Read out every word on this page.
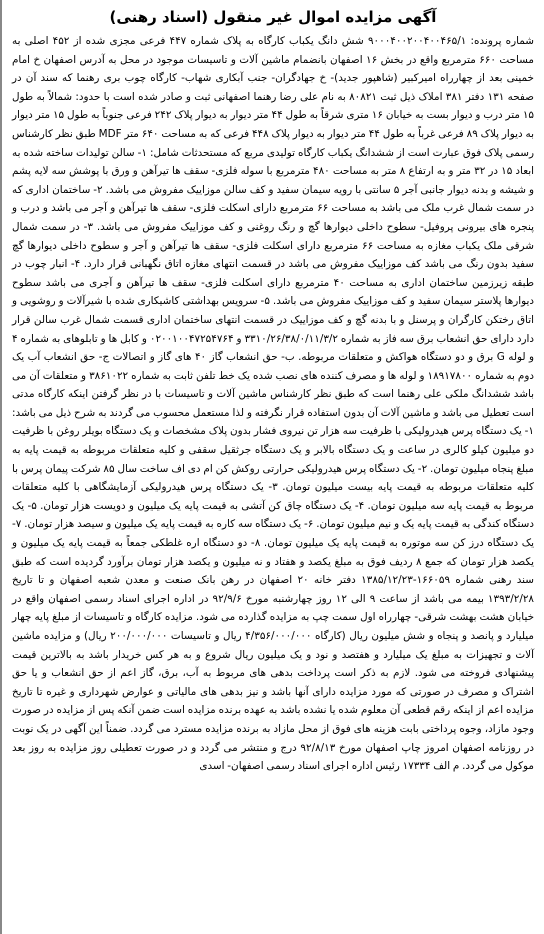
آگهی مزایده اموال غیر منقول (اسناد رهنی)

شماره پرونده: ۹۰۰۰۴۰۰۲۰۰۴۰۰۴۶۵/۱ شش دانگ یکباب کارگاه به پلاک شماره ۴۴۷ فرعی مجزی شده از ۴۵۲ اصلی به مساحت ۶۶۰ مترمربع واقع در بخش ۱۶ اصفهان بانضمام ماشین آلات و تاسیسات موجود در محل به آدرس اصفهان خ امام خمینی بعد از چهارراه امیرکبیر (شاهپور جدید)- خ جهادگران- جنب آبکاری شهاب- کارگاه چوب بری رهنما که سند آن در صفحه ۱۳۱ دفتر ۳۸۱ املاک ذیل ثبت ۸۰۸۲۱ به نام علی رضا رهنما اصفهانی ثبت و صادر شده است با حدود: شمالاً به طول ۱۵ متر درب و دیوار بست به خیابان ۱۶ متری شرقاً به طول ۴۴ متر دیوار به دیوار پلاک ۲۴۲ فرعی جنوباً به طول ۱۵ متر دیوار به دیوار پلاک ۸۹ فرعی غرباً به طول ۴۴ متر دیوار به دیوار پلاک ۴۴۸ فرعی که به مساحت ۶۴۰ متر MDF طبق نظر کارشناس رسمی پلاک فوق عبارت است از ششدانگ یکباب کارگاه تولیدی مربع که مستحدثات شامل: ۱- سالن تولیدات ساخته شده به ابعاد ۱۵ در ۳۲ متر و به ارتفاع ۸ متر به مساحت ۴۸۰ مترمربع با سوله فلزی- سقف ها تیرآهن و ورق با پوشش سه لایه پشم و شیشه و بدنه دیوار جانبی آجر ۵ سانتی با رویه سیمان سفید و کف سالن موزاییک مفروش می باشد. ۲- ساختمان اداری که در سمت شمال غرب ملک می باشد به مساحت ۶۶ مترمربع دارای اسکلت فلزی- سقف ها تیرآهن و آجر می باشد و درب و پنجره های بیرونی پروفیل- سطوح داخلی دیوارها گچ و رنگ روغنی و کف موزاییک مفروش می باشد. ۳- در سمت شمال شرقی ملک یکباب مغازه به مساحت ۶۶ مترمربع دارای اسکلت فلزی- سقف ها تیرآهن و آجر و سطوح داخلی دیوارها گچ سفید بدون رنگ می باشد کف موزاییک مفروش می باشد در قسمت انتهای مغازه اتاق نگهبانی قرار دارد. ۴- انبار چوب در طبقه زیرزمین ساختمان اداری به مساحت ۴۰ مترمربع دارای اسکلت فلزی- سقف ها تیرآهن و آجری می باشد سطوح دیوارها پلاستر سیمان سفید و کف موزاییک مفروش می باشد. ۵- سرویس بهداشتی کاشیکاری شده با شیرآلات و روشویی و اتاق رختکن کارگران و پرسنل و با بدنه گچ و کف موزاییک در قسمت انتهای ساختمان اداری قسمت شمال غرب سالن قرار دارد دارای حق انشعاب برق سه فاز به شماره ۳۳۱۰/۲۶/۳۸/۰/۱۱/۳/۲ و ۰۲۰۰۱۰۰۴۷۲۵۴۷۶۴ و کابل ها و تابلوهای به شماره ۴ و لوله G برق و دو دستگاه هواکش و متعلقات مربوطه. ب- حق انشعاب گاز ۴۰ های گاز و اتصالات ج- حق انشعاب آب یک دوم به شماره ۱۸۹۱۷۸۰۰ و لوله ها و مصرف کننده های نصب شده یک خط تلفن ثابت به شماره ۳۸۶۱۰۲۲ و متعلقات آن می باشد ششدانگ ملکی علی رهنما است که طبق نظر کارشناس ماشین آلات و تاسیسات با در نظر گرفتن اینکه کارگاه مدتی است تعطیل می باشد و ماشین آلات آن بدون استفاده قرار نگرفته و لذا مستعمل محسوب می گردند به شرح ذیل می باشد: ۱- یک دستگاه پرس هیدرولیکی با ظرفیت سه هزار تن نیروی فشار بدون پلاک مشخصات و یک دستگاه بویلر روغن با ظرفیت دو میلیون کیلو کالری در ساعت و یک دستگاه بالابر و یک دستگاه جرثقیل سقفی و کلیه متعلقات مربوطه به قیمت پایه به مبلغ پنجاه میلیون تومان. ۲- یک دستگاه پرس هیدرولیکی حرارتی روکش کن ام دی اف ساخت سال ۸۵ شرکت پیمان پرس با کلیه متعلقات مربوطه به قیمت پایه بیست میلیون تومان. ۳- یک دستگاه پرس هیدرولیکی آزمایشگاهی با کلیه متعلقات مربوط به قیمت پایه سه میلیون تومان. ۴- یک دستگاه چاق کن آتشی به قیمت پایه یک میلیون و دویست هزار تومان. ۵- یک دستگاه کندگی به قیمت پایه یک و نیم میلیون تومان. ۶- یک دستگاه سه کاره به قیمت پایه یک میلیون و سیصد هزار تومان. ۷- یک دستگاه درز کن سه موتوره به قیمت پایه یک میلیون تومان. ۸- دو دستگاه اره غلطکی جمعاً به قیمت پایه یک میلیون و یکصد هزار تومان که جمع ۸ ردیف فوق به مبلغ یکصد و هفتاد و نه میلیون و یکصد هزار تومان برآورد گردیده است که طبق سند رهنی شماره ۱۶۶۰۵۹-۱۳۸۵/۱۲/۲۳ دفتر خانه ۲۰ اصفهان در رهن بانک صنعت و معدن شعبه اصفهان و تا تاریخ ۱۳۹۳/۲/۲۸ بیمه می باشد از ساعت ۹ الی ۱۲ روز چهارشنبه مورخ ۹۲/۹/۶ در اداره اجرای اسناد رسمی اصفهان واقع در خیابان هشت بهشت شرقی- چهارراه اول سمت چپ به مزایده گذارده می شود. مزایده کارگاه و تاسیسات از مبلغ پایه چهار میلیارد و پانصد و پنجاه و شش میلیون ریال (کارگاه ۴/۳۵۶/۰۰۰/۰۰۰ ریال و تاسیسات ۲۰۰/۰۰۰/۰۰۰ ریال) و مزایده ماشین آلات و تجهیزات به مبلغ یک میلیارد و هفتصد و نود و یک میلیون ریال شروع و به هر کس خریدار باشد به بالاترین قیمت پیشنهادی فروخته می شود. لازم به ذکر است پرداخت بدهی های مربوط به آب، برق، گاز اعم از حق انشعاب و یا حق اشتراک و مصرف در صورتی که مورد مزایده دارای آنها باشد و نیز بدهی های مالیاتی و عوارض شهرداری و غیره تا تاریخ مزایده اعم از اینکه رقم قطعی آن معلوم شده یا نشده باشد به عهده برنده مزایده است ضمن آنکه پس از مزایده در صورت وجود مازاد، وجوه پرداختی بابت هزینه های فوق از محل مازاد به برنده مزایده مسترد می گردد. ضمناً این آگهی در یک نوبت در روزنامه اصفهان امروز چاپ اصفهان مورخ ۹۲/۸/۱۳ درج و منتشر می گردد و در صورت تعطیلی روز مزایده به روز بعد موکول می گردد. م الف ۱۷۳۳۴ رئیس اداره اجرای اسناد رسمی اصفهان- اسدی
